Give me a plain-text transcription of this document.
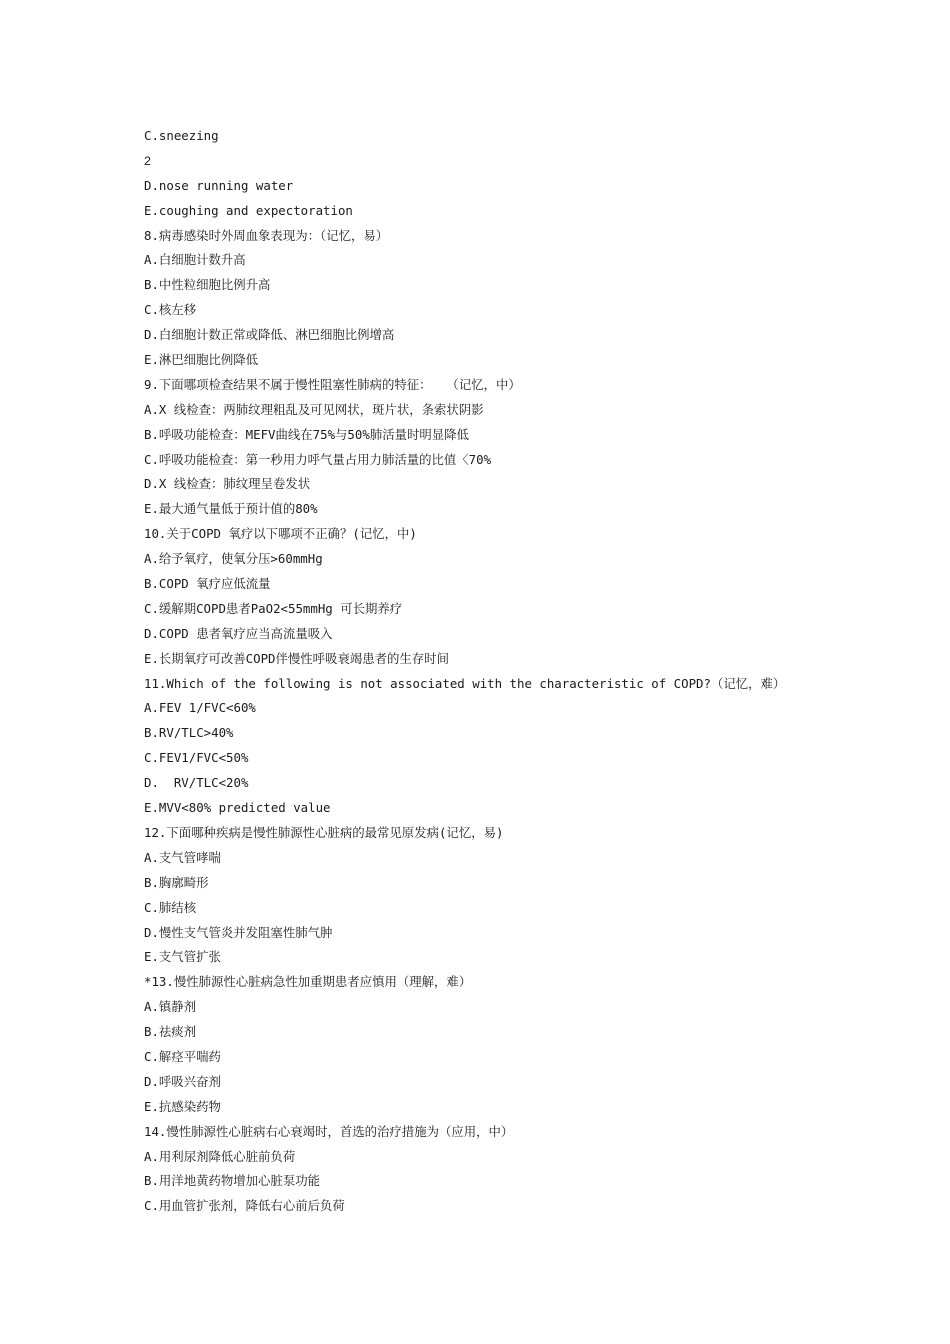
C.sneezing

2

D.nose running water

E.coughing and expectoration

8.病毒感染时外周血象表现为：（记忆，易）

A.白细胞计数升高

B.中性粒细胞比例升高

C.核左移

D.白细胞计数正常或降低、淋巴细胞比例增高

E.淋巴细胞比例降低

9.下面哪项检查结果不属于慢性阻塞性肺病的特征：  （记忆，中）

A.X 线检查：两肺纹理粗乱及可见网状，斑片状，条索状阴影

B.呼吸功能检查：MEFV曲线在75%与50%肺活量时明显降低

C.呼吸功能检查：第一秒用力呼气量占用力肺活量的比值〈70%

D.X 线检查：肺纹理呈卷发状

E.最大通气量低于预计值的80%

10.关于COPD 氧疗以下哪项不正确？(记忆，中)

A.给予氧疗，使氧分压>60mmHg

B.COPD 氧疗应低流量

C.缓解期COPD患者PaO2<55mmHg 可长期养疗

D.COPD 患者氧疗应当高流量吸入

E.长期氧疗可改善COPD伴慢性呼吸衰竭患者的生存时间

11.Which of the following is not associated with the characteristic of COPD?（记忆，难）

A.FEV 1/FVC<60%

B.RV/TLC>40%

C.FEV1/FVC<50%

D.  RV/TLC<20%

E.MVV<80% predicted value

12.下面哪种疾病是慢性肺源性心脏病的最常见原发病(记忆，易)

A.支气管哮喘

B.胸廓畸形

C.肺结核

D.慢性支气管炎并发阻塞性肺气肿

E.支气管扩张

*13.慢性肺源性心脏病急性加重期患者应慎用（理解，难）

A.镇静剂

B.祛痰剂

C.解痉平喘药

D.呼吸兴奋剂

E.抗感染药物

14.慢性肺源性心脏病右心衰竭时，首选的治疗措施为（应用，中）

A.用利尿剂降低心脏前负荷

B.用洋地黄药物增加心脏泵功能

C.用血管扩张剂，降低右心前后负荷
